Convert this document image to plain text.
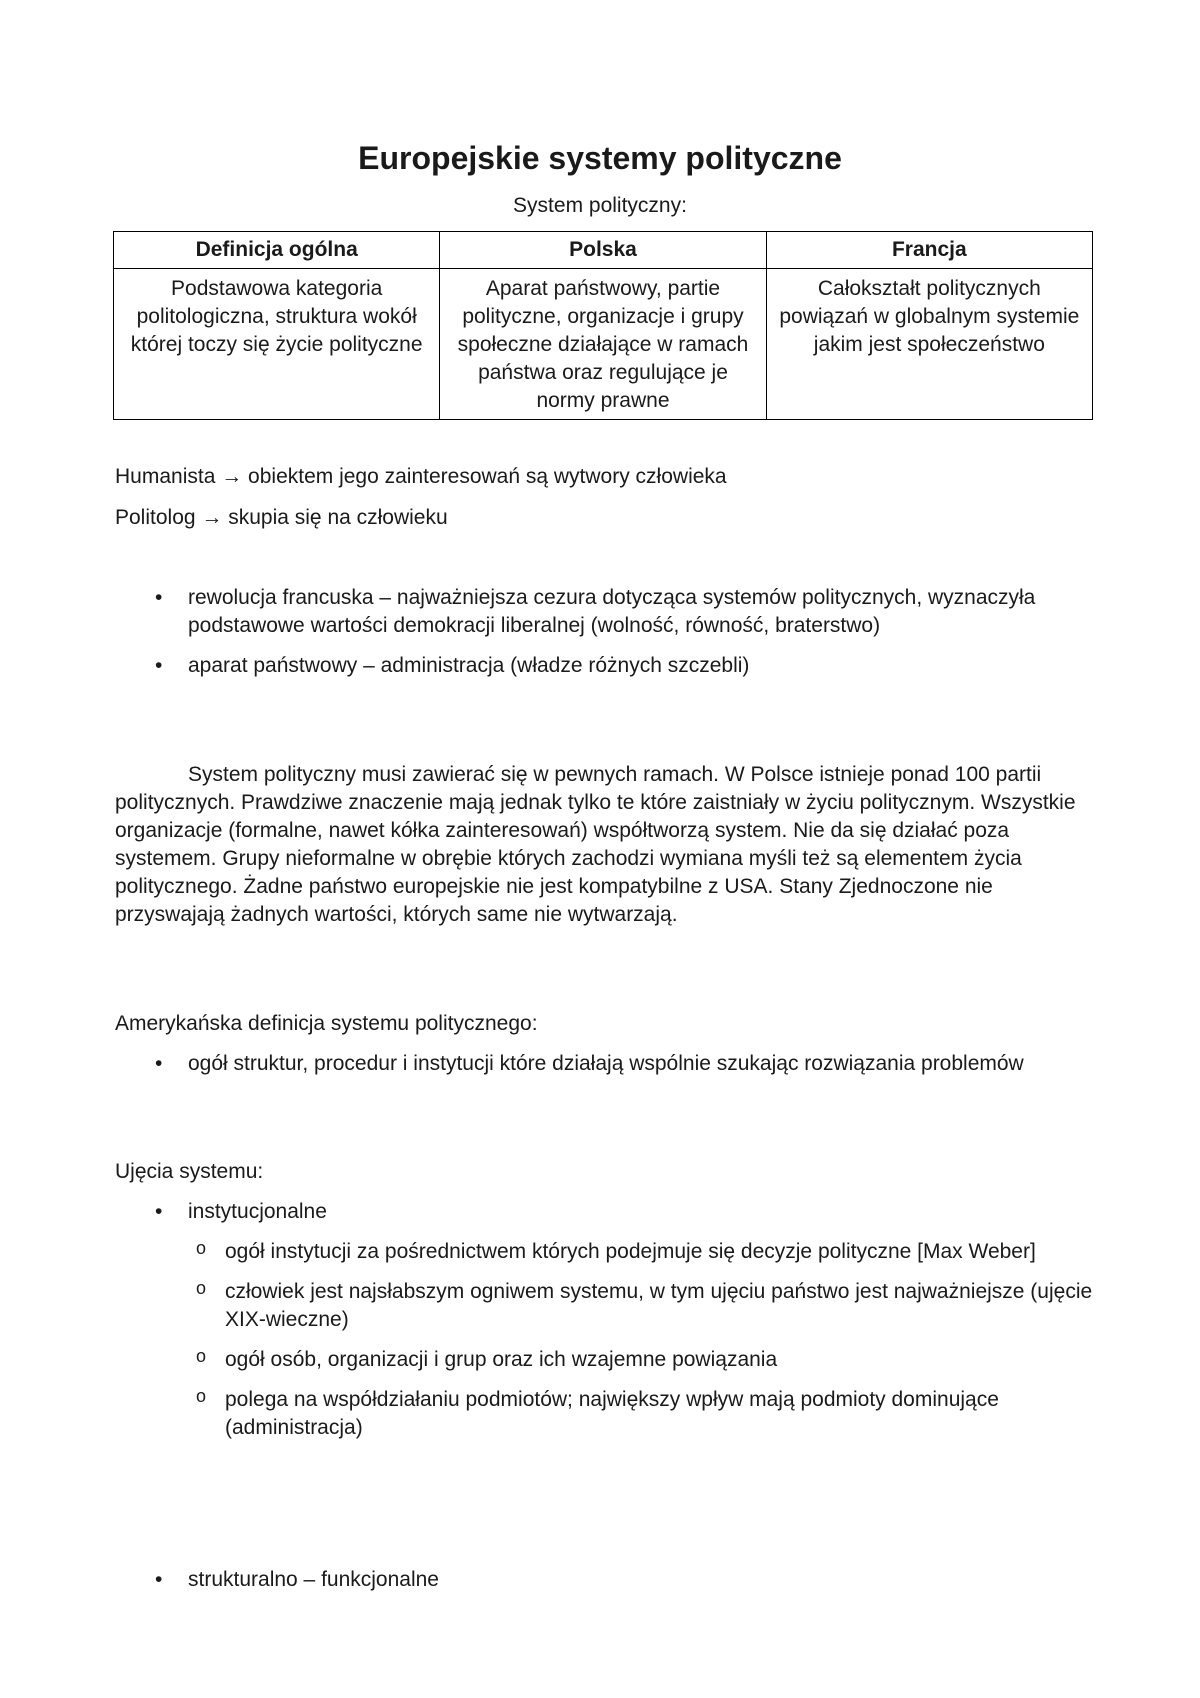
Europejskie systemy polityczne
System polityczny:
Definicja ogólna	Polska	Francja
Podstawowa kategoria politologiczna, struktura wokół której toczy się życie polityczne	Aparat państwowy, partie polityczne, organizacje i grupy społeczne działające w ramach państwa oraz regulujące je normy prawne	Całokształt politycznych powiązań w globalnym systemie jakim jest społeczeństwo
Humanista → obiektem jego zainteresowań są wytwory człowieka
Politolog → skupia się na człowieku
• rewolucja francuska – najważniejsza cezura dotycząca systemów politycznych, wyznaczyła podstawowe wartości demokracji liberalnej (wolność, równość, braterstwo)
• aparat państwowy – administracja (władze różnych szczebli)
System polityczny musi zawierać się w pewnych ramach. W Polsce istnieje ponad 100 partii politycznych. Prawdziwe znaczenie mają jednak tylko te które zaistniały w życiu politycznym. Wszystkie organizacje (formalne, nawet kółka zainteresowań) współtworzą system. Nie da się działać poza systemem. Grupy nieformalne w obrębie których zachodzi wymiana myśli też są elementem życia politycznego. Żadne państwo europejskie nie jest kompatybilne z USA. Stany Zjednoczone nie przyswajają żadnych wartości, których same nie wytwarzają.
Amerykańska definicja systemu politycznego:
• ogół struktur, procedur i instytucji które działają wspólnie szukając rozwiązania problemów
Ujęcia systemu:
• instytucjonalne
o ogół instytucji za pośrednictwem których podejmuje się decyzje polityczne [Max Weber]
o człowiek jest najsłabszym ogniwem systemu, w tym ujęciu państwo jest najważniejsze (ujęcie XIX-wieczne)
o ogół osób, organizacji i grup oraz ich wzajemne powiązania
o polega na współdziałaniu podmiotów; największy wpływ mają podmioty dominujące (administracja)
• strukturalno – funkcjonalne
